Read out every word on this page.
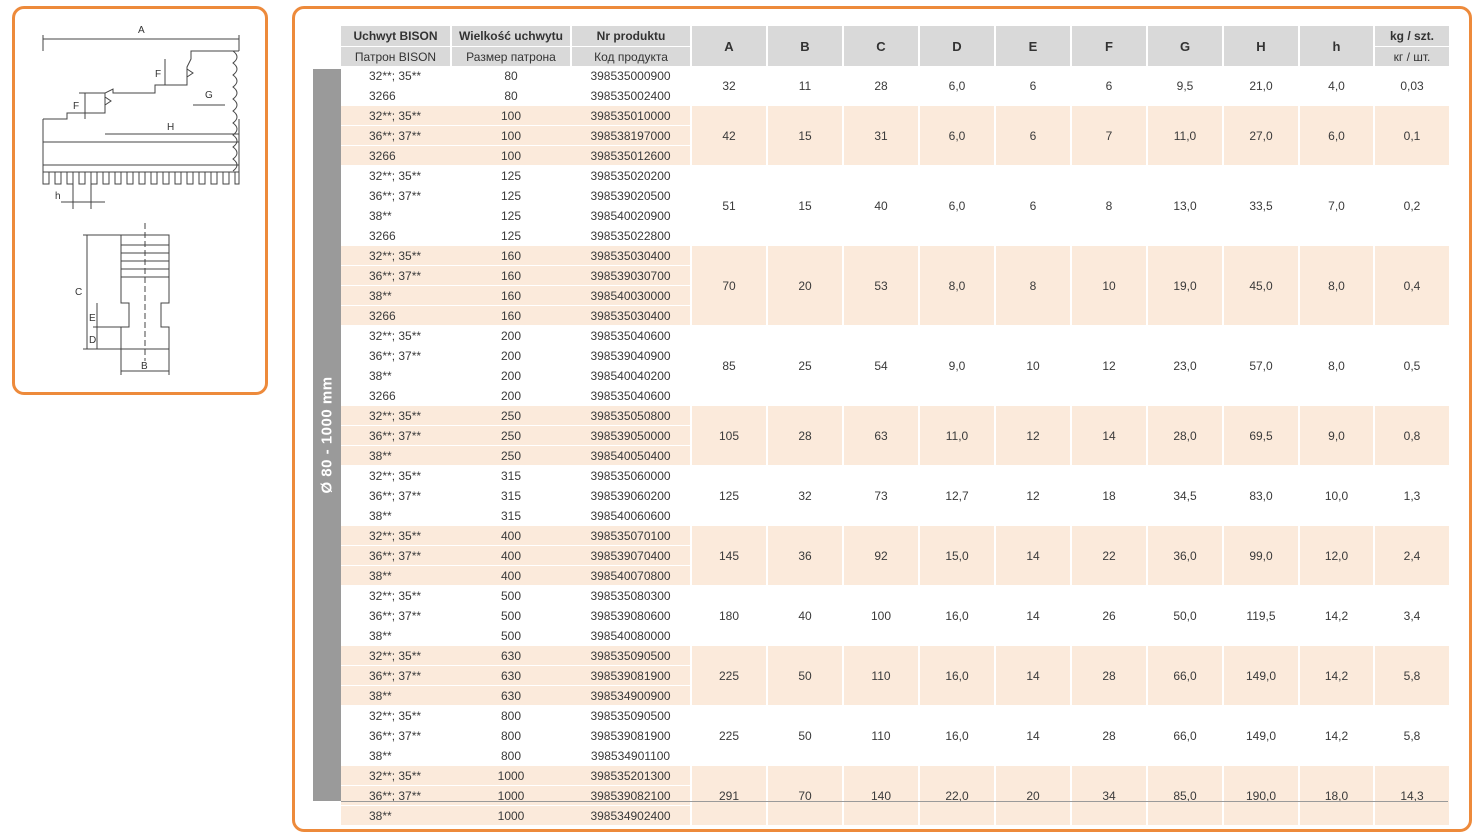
A
F
G
F
H
h
C
E
D
B
Ø 80 - 1000 mm
Uchwyt BISON	Wielkość uchwytu	Nr produktu	A	B	C	D	E	F	G	H	h	kg / szt.
Патрон BISON	Размер патрона	Код продукта										кг / шт.
32**; 35**	80	398535000900	32	11	28	6,0	6	6	9,5	21,0	4,0	0,03
3266	80	398535002400										
32**; 35**	100	398535010000	42	15	31	6,0	6	7	11,0	27,0	6,0	0,1
36**; 37**	100	398538197000										
3266	100	398535012600										
32**; 35**	125	398535020200	51	15	40	6,0	6	8	13,0	33,5	7,0	0,2
36**; 37**	125	398539020500										
38**	125	398540020900										
3266	125	398535022800										
32**; 35**	160	398535030400	70	20	53	8,0	8	10	19,0	45,0	8,0	0,4
36**; 37**	160	398539030700										
38**	160	398540030000										
3266	160	398535030400										
32**; 35**	200	398535040600	85	25	54	9,0	10	12	23,0	57,0	8,0	0,5
36**; 37**	200	398539040900										
38**	200	398540040200										
3266	200	398535040600										
32**; 35**	250	398535050800	105	28	63	11,0	12	14	28,0	69,5	9,0	0,8
36**; 37**	250	398539050000										
38**	250	398540050400										
32**; 35**	315	398535060000	125	32	73	12,7	12	18	34,5	83,0	10,0	1,3
36**; 37**	315	398539060200										
38**	315	398540060600										
32**; 35**	400	398535070100	145	36	92	15,0	14	22	36,0	99,0	12,0	2,4
36**; 37**	400	398539070400										
38**	400	398540070800										
32**; 35**	500	398535080300	180	40	100	16,0	14	26	50,0	119,5	14,2	3,4
36**; 37**	500	398539080600										
38**	500	398540080000										
32**; 35**	630	398535090500	225	50	110	16,0	14	28	66,0	149,0	14,2	5,8
36**; 37**	630	398539081900										
38**	630	398534900900										
32**; 35**	800	398535090500	225	50	110	16,0	14	28	66,0	149,0	14,2	5,8
36**; 37**	800	398539081900										
38**	800	398534901100										
32**; 35**	1000	398535201300	291	70	140	22,0	20	34	85,0	190,0	18,0	14,3
36**; 37**	1000	398539082100										
38**	1000	398534902400										
